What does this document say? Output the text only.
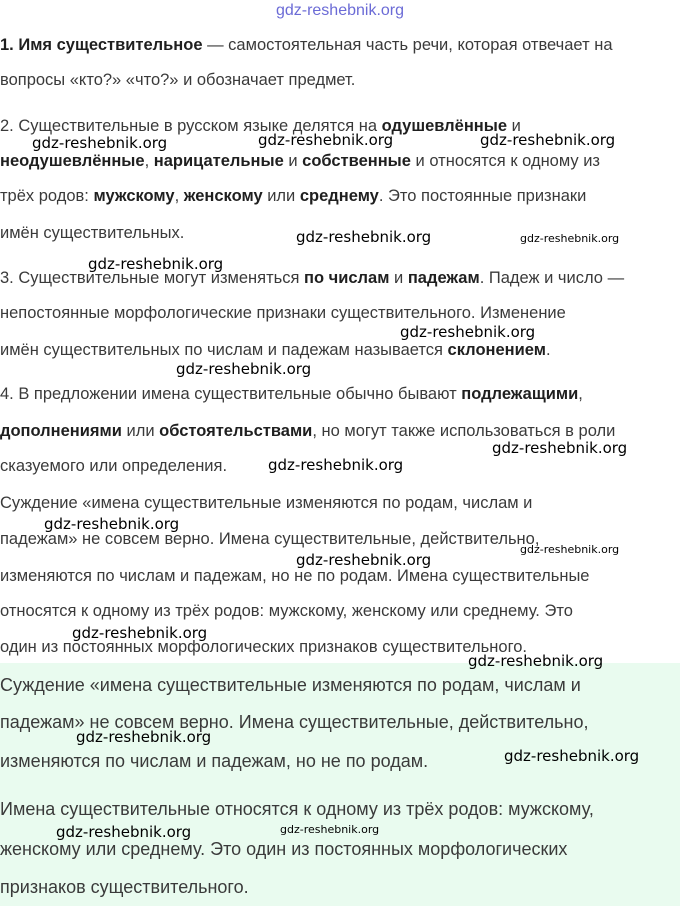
gdz-reshebnik.org
1. Имя существительное — самостоятельная часть речи, которая отвечает на
вопросы «кто?» «что?» и обозначает предмет.
2. Существительные в русском языке делятся на одушевлённые и
неодушевлённые, нарицательные и собственные и относятся к одному из
трёх родов: мужскому, женскому или среднему. Это постоянные признаки
имён существительных.
3. Существительные могут изменяться по числам и падежам. Падеж и число —
непостоянные морфологические признаки существительного. Изменение
имён существительных по числам и падежам называется склонением.
4. В предложении имена существительные обычно бывают подлежащими,
дополнениями или обстоятельствами, но могут также использоваться в роли
сказуемого или определения.
Суждение «имена существительные изменяются по родам, числам и
падежам» не совсем верно. Имена существительные, действительно,
изменяются по числам и падежам, но не по родам. Имена существительные
относятся к одному из трёх родов: мужскому, женскому или среднему. Это
один из постоянных морфологических признаков существительного.
Суждение «имена существительные изменяются по родам, числам и
падежам» не совсем верно. Имена существительные, действительно,
изменяются по числам и падежам, но не по родам.
Имена существительные относятся к одному из трёх родов: мужскому,
женскому или среднему. Это один из постоянных морфологических
признаков существительного.
gdz-reshebnik.org	gdz-reshebnik.org	gdz-reshebnik.org
gdz-reshebnik.org
gdz-reshebnik.org
gdz-reshebnik.org
gdz-reshebnik.org
gdz-reshebnik.org
gdz-reshebnik.org
gdz-reshebnik.org
gdz-reshebnik.org
gdz-reshebnik.org
gdz-reshebnik.org
gdz-reshebnik.org
gdz-reshebnik.org
gdz-reshebnik.org
gdz-reshebnik.org
gdz-reshebnik.org	gdz-reshebnik.org
